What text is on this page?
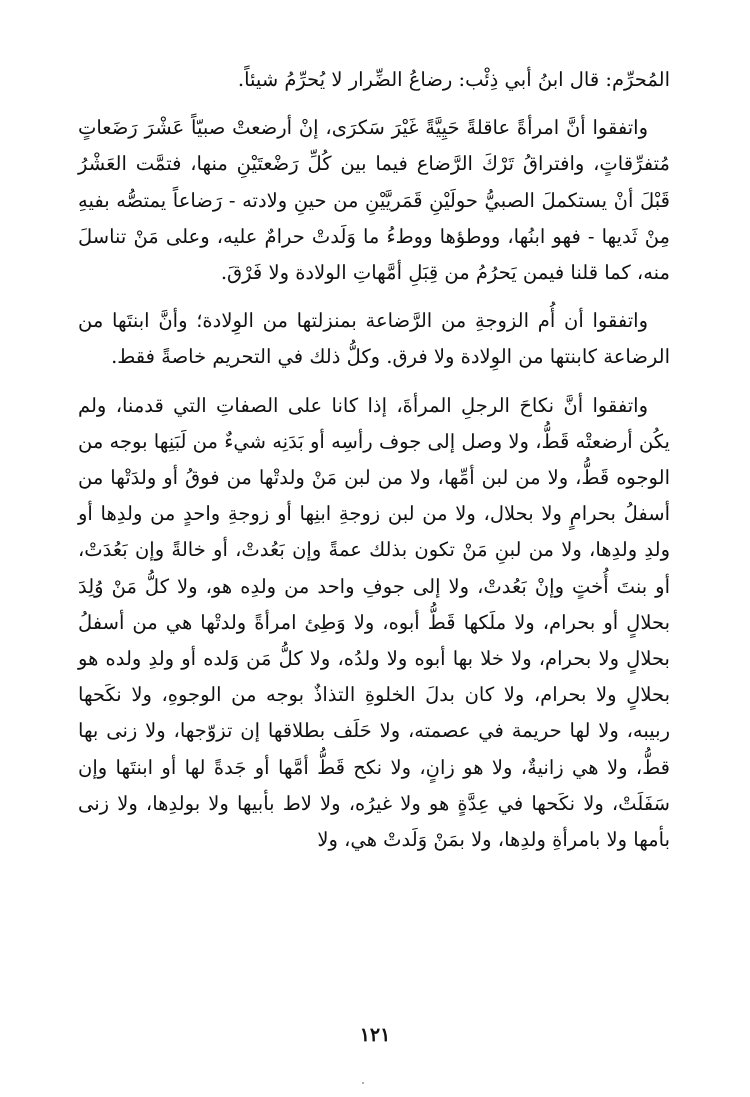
المُحرِّم: قال ابنُ أبي ذِئْب: رضاعُ الضِّرار لا يُحرِّمُ شيئاً.

واتفقوا أنَّ امرأةً عاقلةً حَيِيَّةً غَيْرَ سَكرَى، إنْ أرضعتْ صبيّاً عَشْرَ رَضَعاتٍ مُتفرِّقاتٍ، وافتراقُ تَرْكَ الرَّضاع فيما بين كُلِّ رَضْعتَيْنِ منها، فتمَّت العَشْرُ قَبْلَ أنْ يستكملَ الصبيُّ حولَيْنِ قَمَريَّيْنِ من حينِ ولادته - رَضاعاً يمتصُّه بفيهِ مِنْ ثَديها - فهو ابنُها، ووطؤها ووطءُ ما وَلَدتْ حرامٌ عليه، وعلى مَنْ تناسلَ منه، كما قلنا فيمن يَحرُمُ من قِبَلِ أمَّهاتِ الولادة ولا فَرْقَ.

واتفقوا أن أُم الزوجةِ من الرَّضاعة بمنزلتها من الوِلادة؛ وأنَّ ابنتَها من الرضاعة كابنتها من الوِلادة ولا فرق. وكلُّ ذلك في التحريم خاصةً فقط.

واتفقوا أنَّ نكاحَ الرجلِ المرأةَ، إذا كانا على الصفاتِ التي قدمنا، ولم يكُن أرضعتْه قَطُّ، ولا وصل إلى جوف رأسِه أو بَدَنِه شيءٌ من لَبَنِها بوجه من الوجوه قَطُّ، ولا من لبن أمِّها، ولا من لبن مَنْ ولدتْها من فوقُ أو ولدَتْها من أسفلُ بحرامٍ ولا بحلال، ولا من لبن زوجةِ ابنِها أو زوجةِ واحدٍ من ولدِها أو ولدِ ولدِها، ولا من لبنِ مَنْ تكون بذلك عمةً وإن بَعُدتْ، أو خالةً وإن بَعُدَتْ، أو بنتَ أُختٍ وإنْ بَعُدتْ، ولا إلى جوفِ واحد من ولدِه هو، ولا كلُّ مَنْ وُلِدَ بحلالٍ أو بحرام، ولا ملَكها قَطُّ أبوه، ولا وَطِئ امرأةً ولدتْها هي من أسفلُ بحلالٍ ولا بحرام، ولا خلا بها أبوه ولا ولدُه، ولا كلُّ مَن وَلده أو ولدِ ولده هو بحلالٍ ولا بحرام، ولا كان بدلَ الخلوةِ التذاذٌ بوجه من الوجوهِ، ولا نكَحها ربيبه، ولا لها حريمة في عصمته، ولا حَلَف بطلاقها إن تزوّجها، ولا زنى بها قطُّ، ولا هي زانيةٌ، ولا هو زانٍ، ولا نكح قَطُّ أمَّها أو جَدةً لها أو ابنتَها وإن سَفَلَتْ، ولا نكَحها في عِدَّةٍ هو ولا غيرُه، ولا لاط بأبيها ولا بولدِها، ولا زنى بأمها ولا بامرأةِ ولدِها، ولا بمَنْ وَلَدتْ هي، ولا

١٢١
